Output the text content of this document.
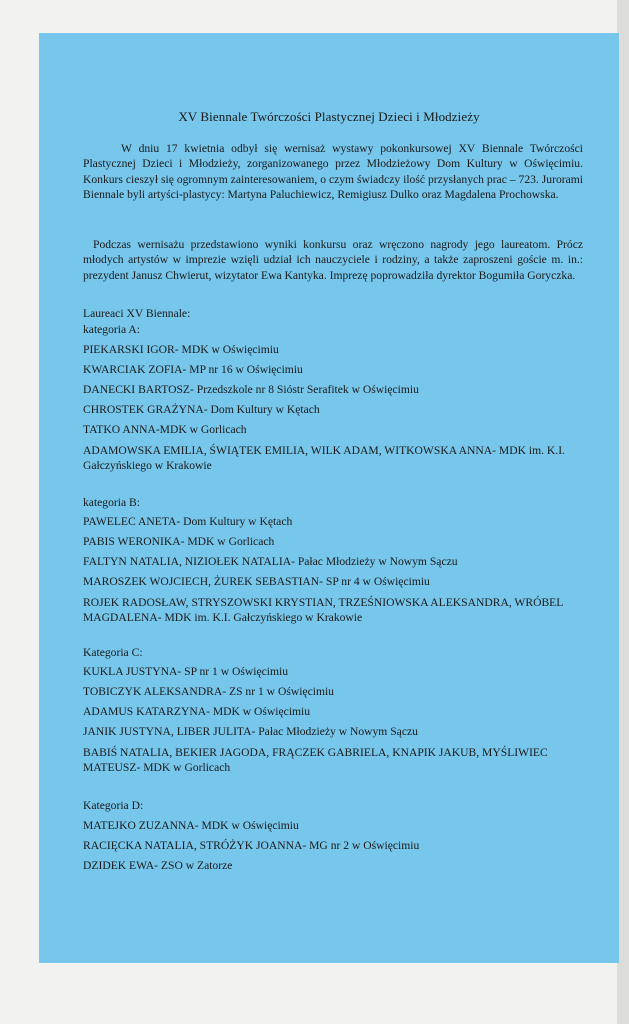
XV Biennale Twórczości Plastycznej Dzieci i Młodzieży
W dniu 17 kwietnia odbył się wernisaż wystawy pokonkursowej XV Biennale Twórczości Plastycznej Dzieci i Młodzieży, zorganizowanego przez Młodzieżowy Dom Kultury w Oświęcimiu. Konkurs cieszył się ogromnym zainteresowaniem, o czym świadczy ilość przysłanych prac – 723. Jurorami Biennale byli artyści-plastycy: Martyna Paluchiewicz, Remigiusz Dulko oraz Magdalena Prochowska.
Podczas wernisażu przedstawiono wyniki konkursu oraz wręczono nagrody jego laureatom. Prócz młodych artystów w imprezie wzięli udział ich nauczyciele i rodziny, a także zaproszeni goście m. in.: prezydent Janusz Chwierut, wizytator Ewa Kantyka. Imprezę poprowadziła dyrektor Bogumiła Goryczka.
Laureaci XV Biennale:
kategoria A:
PIEKARSKI IGOR- MDK w Oświęcimiu
KWARCIAK ZOFIA- MP nr 16 w Oświęcimiu
DANECKI BARTOSZ- Przedszkole nr 8 Sióstr Serafitek w Oświęcimiu
CHROSTEK GRAŻYNA- Dom Kultury w Kętach
TATKO ANNA-MDK w Gorlicach
ADAMOWSKA EMILIA, ŚWIĄTEK EMILIA, WILK ADAM, WITKOWSKA ANNA- MDK im. K.I. Gałczyńskiego w Krakowie
kategoria B:
PAWELEC ANETA- Dom Kultury w Kętach
PABIS WERONIKA- MDK w Gorlicach
FALTYN NATALIA, NIZIOŁEK NATALIA- Pałac Młodzieży w Nowym Sączu
MAROSZEK WOJCIECH, ŻUREK SEBASTIAN- SP nr 4 w Oświęcimiu
ROJEK RADOSŁAW, STRYSZOWSKI KRYSTIAN, TRZEŚNIOWSKA ALEKSANDRA, WRÓBEL MAGDALENA- MDK im. K.I. Gałczyńskiego w Krakowie
Kategoria C:
KUKLA JUSTYNA- SP nr 1 w Oświęcimiu
TOBICZYK ALEKSANDRA- ZS nr 1 w Oświęcimiu
ADAMUS KATARZYNA- MDK w Oświęcimiu
JANIK JUSTYNA, LIBER JULITA- Pałac Młodzieży w Nowym Sączu
BABIŚ NATALIA, BEKIER JAGODA, FRĄCZEK GABRIELA, KNAPIK JAKUB, MYŚLIWIEC MATEUSZ- MDK w Gorlicach
Kategoria D:
MATEJKO ZUZANNA- MDK w Oświęcimiu
RACIĘCKA NATALIA, STRÓŻYK JOANNA- MG nr 2 w Oświęcimiu
DZIDEK EWA- ZSO w Zatorze
